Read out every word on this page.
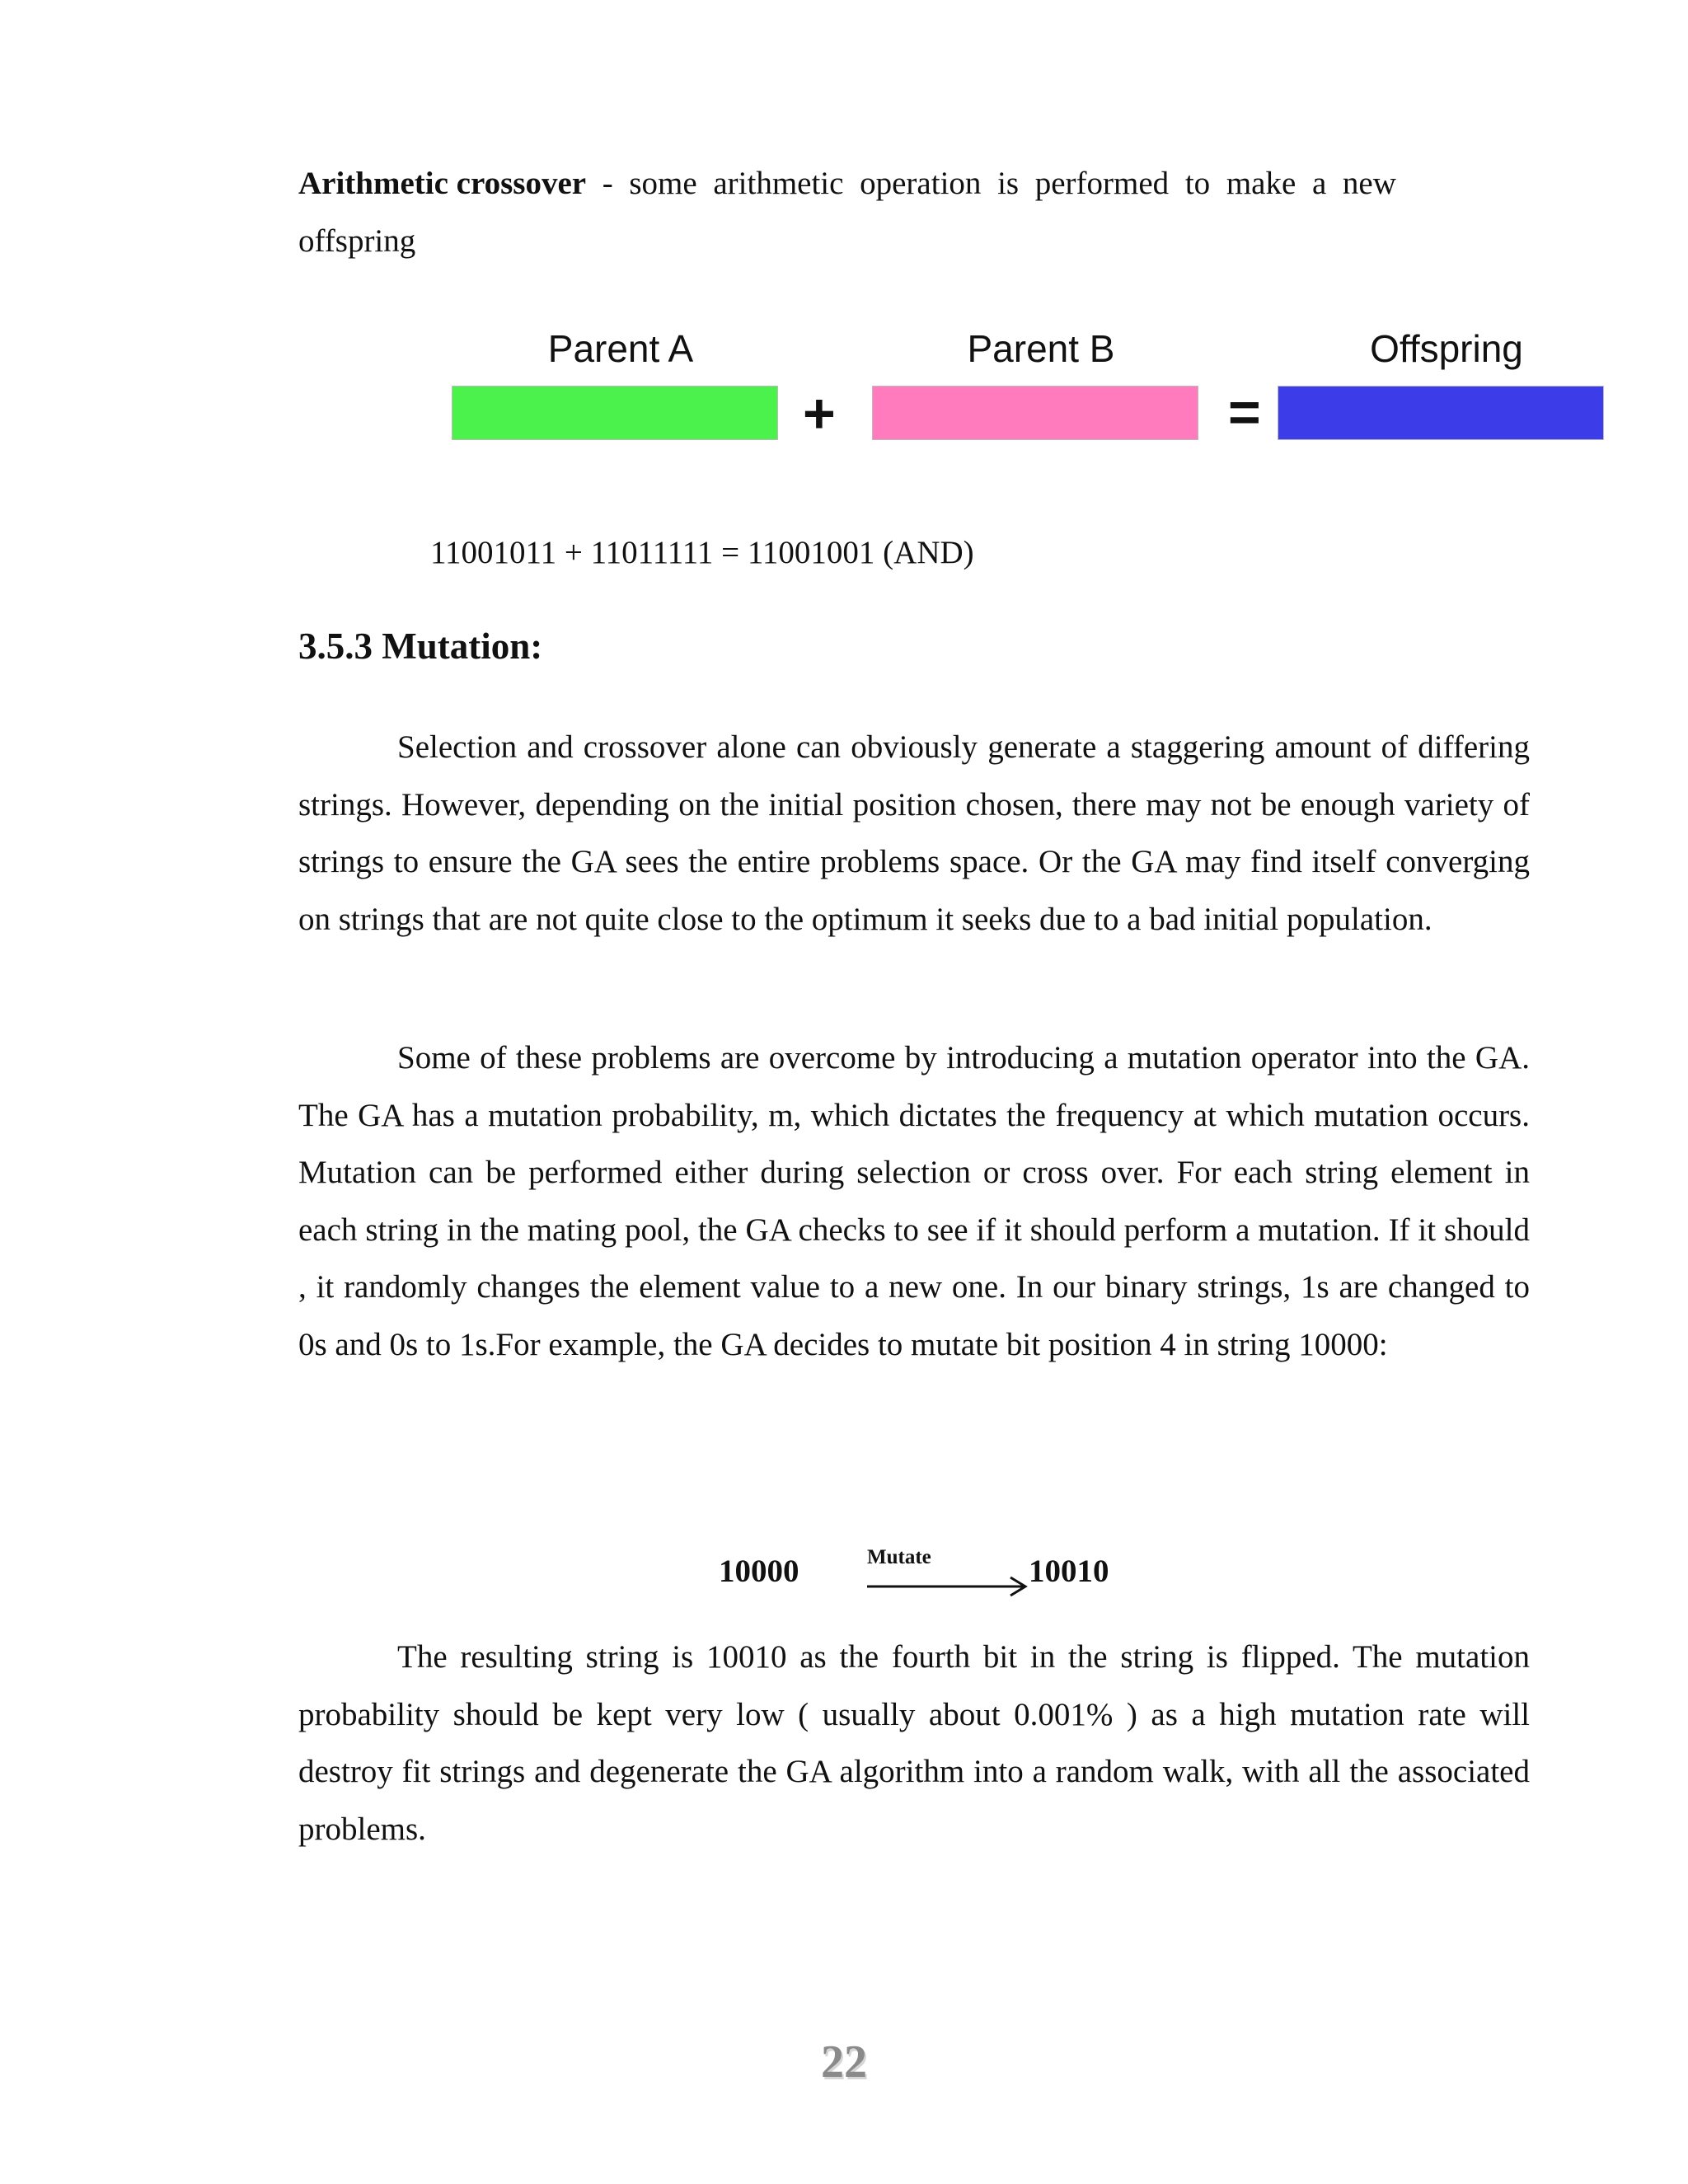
Arithmetic crossover - some arithmetic operation is performed to make a new
offspring
Parent A	Parent B	Offspring
+	=
11001011 + 11011111 = 11001001 (AND)
3.5.3 Mutation:
Selection and crossover alone can obviously generate a staggering amount of differing strings. However, depending on the initial position chosen, there may not be enough variety of strings to ensure the GA sees the entire problems space. Or the GA may find itself converging on strings that are not quite close to the optimum it seeks due to a bad initial population.
Some of these problems are overcome by introducing a mutation operator into the GA. The GA has a mutation probability, m, which dictates the frequency at which mutation occurs. Mutation can be performed either during selection or cross over. For each string element in each string in the mating pool, the GA checks to see if it should perform a mutation. If it should , it randomly changes the element value to a new one. In our binary strings, 1s are changed to 0s and 0s to 1s.For example, the GA decides to mutate bit position 4 in string 10000:
10000	Mutate	10010
The resulting string is 10010 as the fourth bit in the string is flipped. The mutation probability should be kept very low ( usually about 0.001% ) as a high mutation rate will destroy fit strings and degenerate the GA algorithm into a random walk, with all the associated problems.
22
